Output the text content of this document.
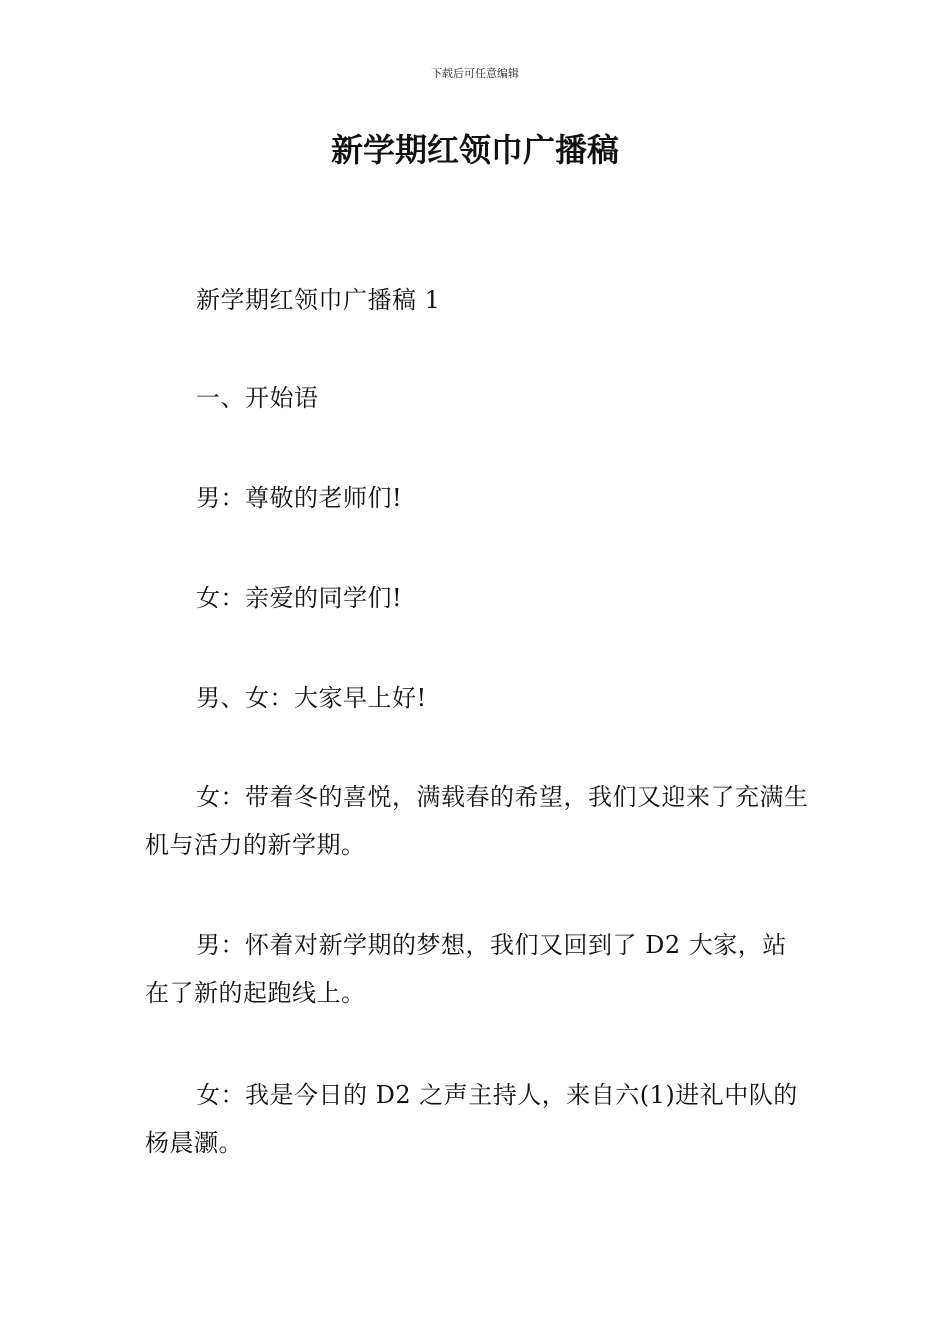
下载后可任意编辑
新学期红领巾广播稿

新学期红领巾广播稿 1

一、开始语

男：尊敬的老师们!

女：亲爱的同学们!

男、女：大家早上好!

女：带着冬的喜悦，满载春的希望，我们又迎来了充满生机与活力的新学期。

男：怀着对新学期的梦想，我们又回到了 D2 大家，站在了新的起跑线上。

女：我是今日的 D2 之声主持人，来自六(1)进礼中队的杨晨灏。
